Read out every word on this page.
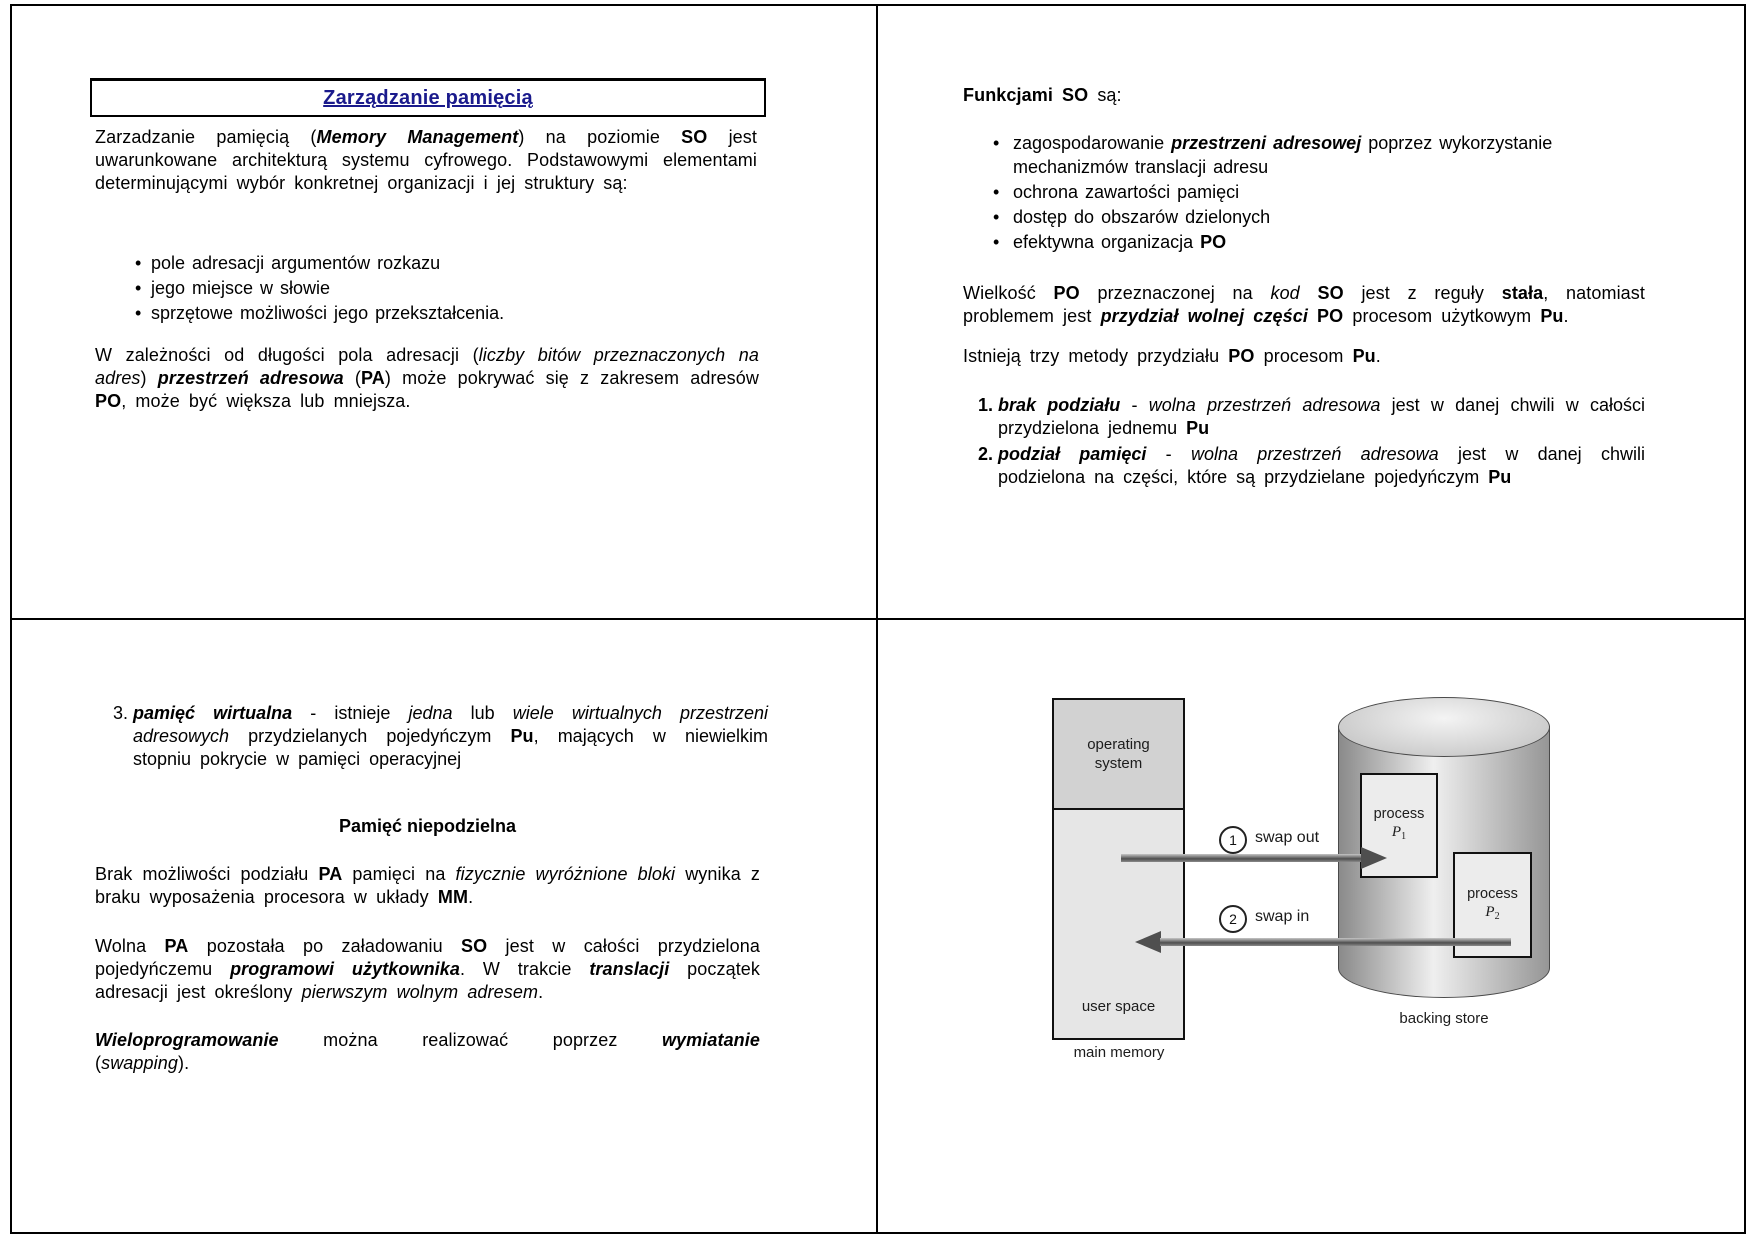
Zarządzanie pamięcią

Zarzadzanie pamięcią (Memory Management) na poziomie SO jest uwarunkowane architekturą systemu cyfrowego. Podstawowymi elementami determinującymi wybór konkretnej organizacji i jej struktury są:

• pole adresacji argumentów rozkazu
• jego miejsce w słowie
• sprzętowe możliwości jego przekształcenia.

W zależności od długości pola adresacji (liczby bitów przeznaczonych na adres) przestrzeń adresowa (PA) może pokrywać się z zakresem adresów PO, może być większa lub mniejsza.

Funkcjami SO są:

• zagospodarowanie przestrzeni adresowej poprzez wykorzystanie mechanizmów translacji adresu
• ochrona zawartości pamięci
• dostęp do obszarów dzielonych
• efektywna organizacja PO

Wielkość PO przeznaczonej na kod SO jest z reguły stała, natomiast problemem jest przydział wolnej części PO procesom użytkowym Pu.

Istnieją trzy metody przydziału PO procesom Pu.

1. brak podziału - wolna przestrzeń adresowa jest w danej chwili w całości przydzielona jednemu Pu
2. podział pamięci - wolna przestrzeń adresowa jest w danej chwili podzielona na części, które są przydzielane pojedyńczym Pu
3. pamięć wirtualna - istnieje jedna lub wiele wirtualnych przestrzeni adresowych przydzielanych pojedyńczym Pu, mających w niewielkim stopniu pokrycie w pamięci operacyjnej
Pamięć niepodzielna

Brak możliwości podziału PA pamięci na fizycznie wyróżnione bloki wynika z braku wyposażenia procesora w układy MM.

Wolna PA pozostała po załadowaniu SO jest w całości przydzielona pojedyńczemu programowi użytkownika. W trakcie translacji początek adresacji jest określony pierwszym wolnym adresem.

Wieloprogramowanie można realizować poprzez wymiatanie (swapping).

operating system
user space
main memory
backing store
process
$P_1$
process
$P_2$
1	swap out
2	swap in
